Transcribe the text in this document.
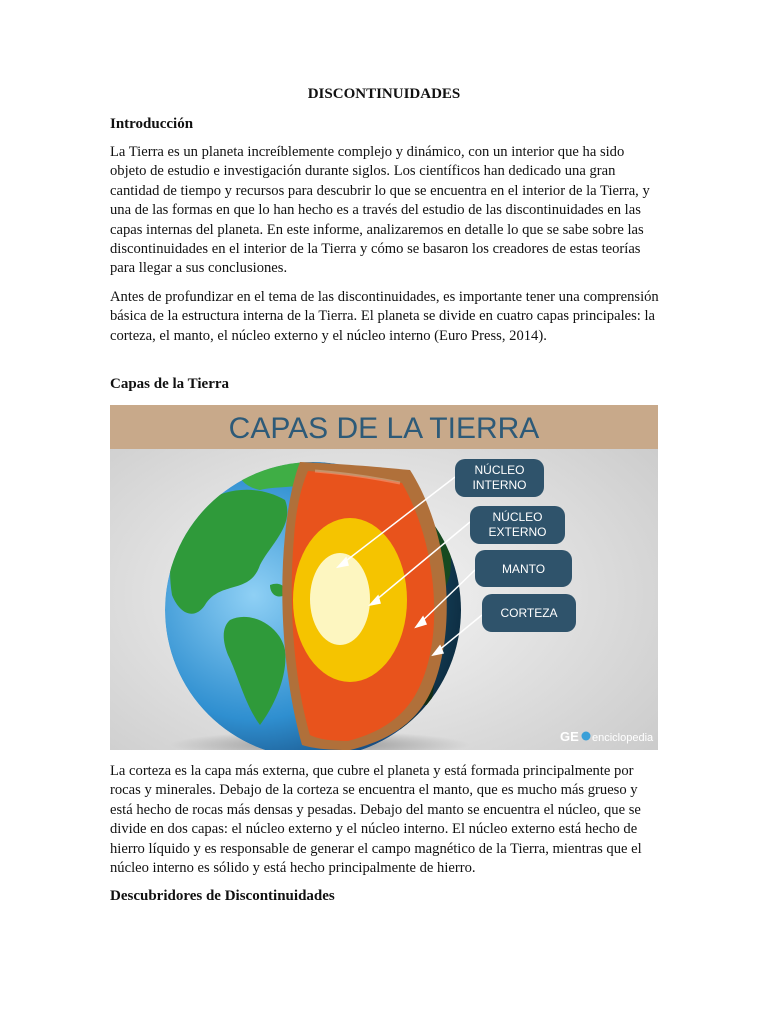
DISCONTINUIDADES
Introducción

La Tierra es un planeta increíblemente complejo y dinámico, con un interior que ha sido objeto de estudio e investigación durante siglos. Los científicos han dedicado una gran cantidad de tiempo y recursos para descubrir lo que se encuentra en el interior de la Tierra, y una de las formas en que lo han hecho es a través del estudio de las discontinuidades en las capas internas del planeta. En este informe, analizaremos en detalle lo que se sabe sobre las discontinuidades en el interior de la Tierra y cómo se basaron los creadores de estas teorías para llegar a sus conclusiones.

Antes de profundizar en el tema de las discontinuidades, es importante tener una comprensión básica de la estructura interna de la Tierra. El planeta se divide en cuatro capas principales: la corteza, el manto, el núcleo externo y el núcleo interno (Euro Press, 2014).

Capas de la Tierra
CAPAS DE LA TIERRA
NÚCLEO
INTERNO
NÚCLEO
EXTERNO
MANTO
CORTEZA
GE enciclopedia

La corteza es la capa más externa, que cubre el planeta y está formada principalmente por rocas y minerales. Debajo de la corteza se encuentra el manto, que es mucho más grueso y está hecho de rocas más densas y pesadas. Debajo del manto se encuentra el núcleo, que se divide en dos capas: el núcleo externo y el núcleo interno. El núcleo externo está hecho de hierro líquido y es responsable de generar el campo magnético de la Tierra, mientras que el núcleo interno es sólido y está hecho principalmente de hierro.

Descubridores de Discontinuidades
